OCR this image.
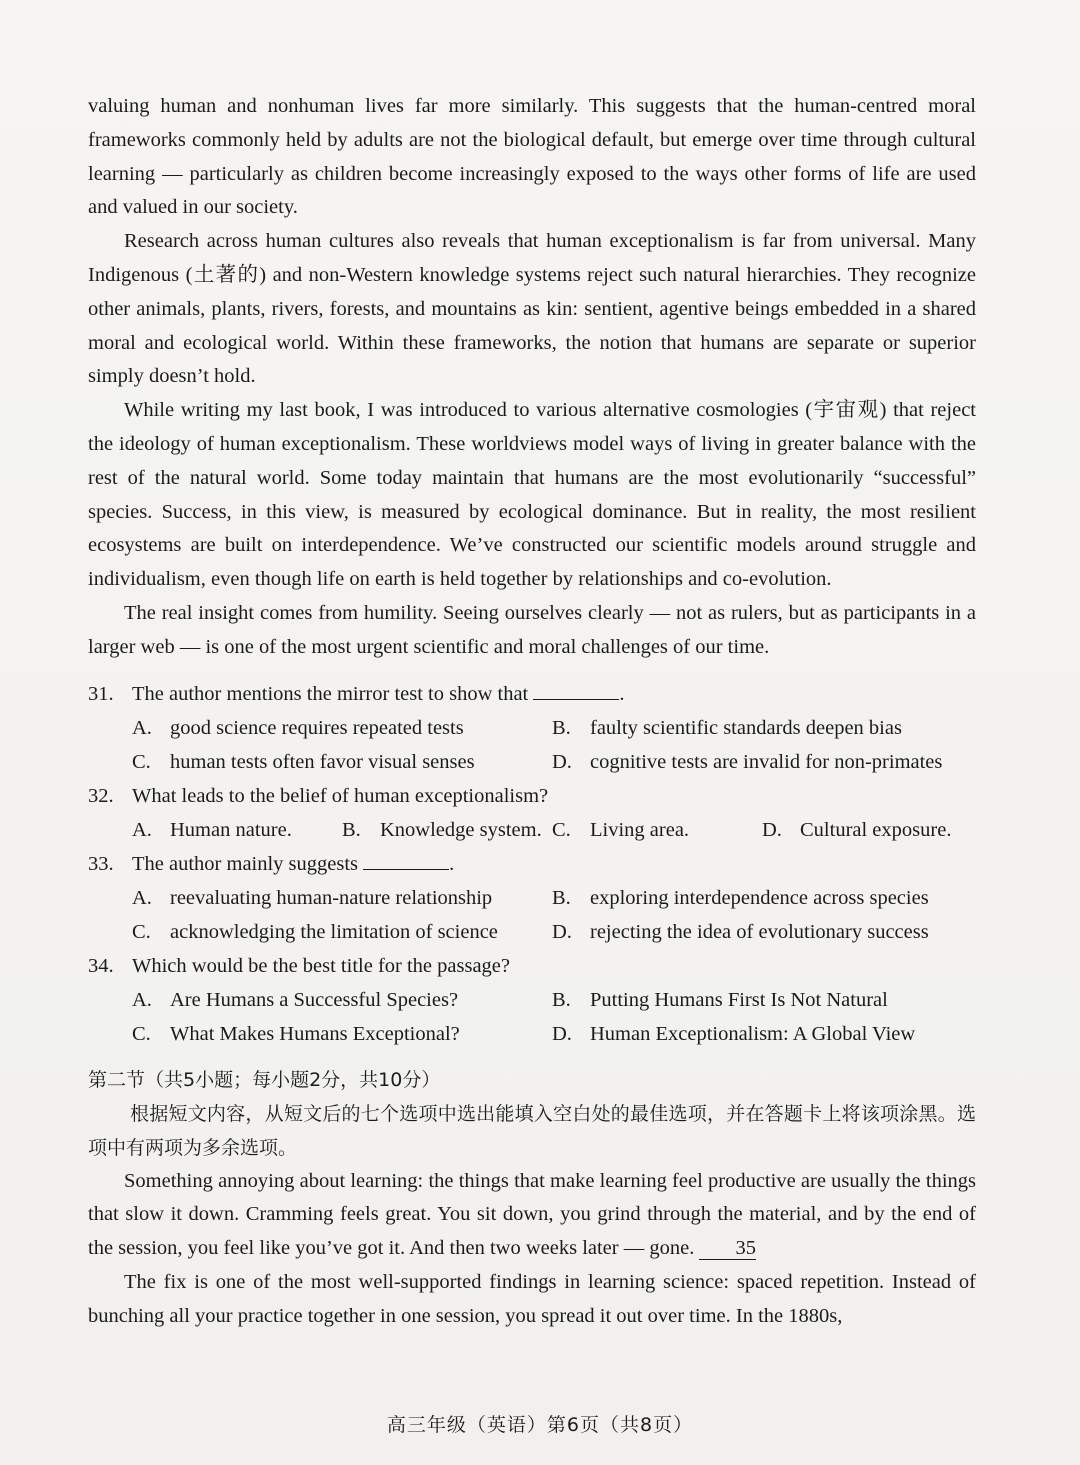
valuing human and nonhuman lives far more similarly. This suggests that the human-centred moral frameworks commonly held by adults are not the biological default, but emerge over time through cultural learning — particularly as children become increasingly exposed to the ways other forms of life are used and valued in our society.

Research across human cultures also reveals that human exceptionalism is far from universal. Many Indigenous (土著的) and non-Western knowledge systems reject such natural hierarchies. They recognize other animals, plants, rivers, forests, and mountains as kin: sentient, agentive beings embedded in a shared moral and ecological world. Within these frameworks, the notion that humans are separate or superior simply doesn’t hold.

While writing my last book, I was introduced to various alternative cosmologies (宇宙观) that reject the ideology of human exceptionalism. These worldviews model ways of living in greater balance with the rest of the natural world. Some today maintain that humans are the most evolutionarily “successful” species. Success, in this view, is measured by ecological dominance. But in reality, the most resilient ecosystems are built on interdependence. We’ve constructed our scientific models around struggle and individualism, even though life on earth is held together by relationships and co-evolution.

The real insight comes from humility. Seeing ourselves clearly — not as rulers, but as participants in a larger web — is one of the most urgent scientific and moral challenges of our time.

31. The author mentions the mirror test to show that	.
A. good science requires repeated tests	B. faulty scientific standards deepen bias
C. human tests often favor visual senses	D. cognitive tests are invalid for non-primates
32. What leads to the belief of human exceptionalism?
A. Human nature.	B. Knowledge system. C. Living area.	D. Cultural exposure.
33. The author mainly suggests	.
A. reevaluating human-nature relationship	B. exploring interdependence across species
C. acknowledging the limitation of science	D. rejecting the idea of evolutionary success
34. Which would be the best title for the passage?
A. Are Humans a Successful Species?	B. Putting Humans First Is Not Natural
C. What Makes Humans Exceptional?	D. Human Exceptionalism: A Global View
第二节（共5小题；每小题2分，共10分）

根据短文内容，从短文后的七个选项中选出能填入空白处的最佳选项，并在答题卡上将该项涂黑。选项中有两项为多余选项。

Something annoying about learning: the things that make learning feel productive are usually the things that slow it down. Cramming feels great. You sit down, you grind through the material, and by the end of the session, you feel like you’ve got it. And then two weeks later — gone. 35

The fix is one of the most well-supported findings in learning science: spaced repetition. Instead of bunching all your practice together in one session, you spread it out over time. In the 1880s,

高三年级（英语）第6页（共8页）
